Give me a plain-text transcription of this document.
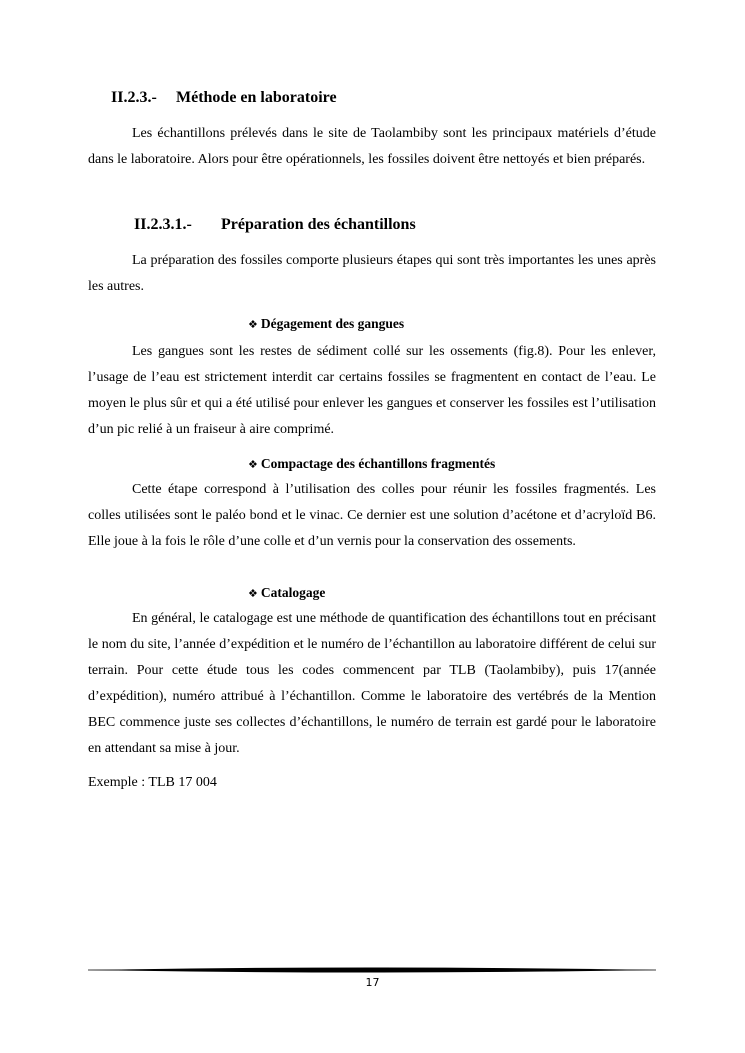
II.2.3.- Méthode en laboratoire

Les échantillons prélevés dans le site de Taolambiby sont les principaux matériels d’étude dans le laboratoire. Alors pour être opérationnels, les fossiles doivent être nettoyés et bien préparés.

II.2.3.1.- Préparation des échantillons

La préparation des fossiles comporte plusieurs étapes qui sont très importantes les unes après les autres.

❖ Dégagement des gangues

Les gangues sont les restes de sédiment collé sur les ossements (fig.8). Pour les enlever, l’usage de l’eau est strictement interdit car certains fossiles se fragmentent en contact de l’eau. Le moyen le plus sûr et qui a été utilisé pour enlever les gangues et conserver les fossiles est l’utilisation d’un pic relié à un fraiseur à aire comprimé.

❖ Compactage des échantillons fragmentés

Cette étape correspond à l’utilisation des colles pour réunir les fossiles fragmentés. Les colles utilisées sont le paléo bond et le vinac. Ce dernier est une solution d’acétone et d’acryloïd B6. Elle joue à la fois le rôle d’une colle et d’un vernis pour la conservation des ossements.

❖ Catalogage

En général, le catalogage est une méthode de quantification des échantillons tout en précisant le nom du site, l’année d’expédition et le numéro de l’échantillon au laboratoire différent de celui sur terrain. Pour cette étude tous les codes commencent par TLB (Taolambiby), puis 17(année d’expédition), numéro attribué à l’échantillon. Comme le laboratoire des vertébrés de la Mention BEC commence juste ses collectes d’échantillons, le numéro de terrain est gardé pour le laboratoire en attendant sa mise à jour.

Exemple : TLB 17 004
17
